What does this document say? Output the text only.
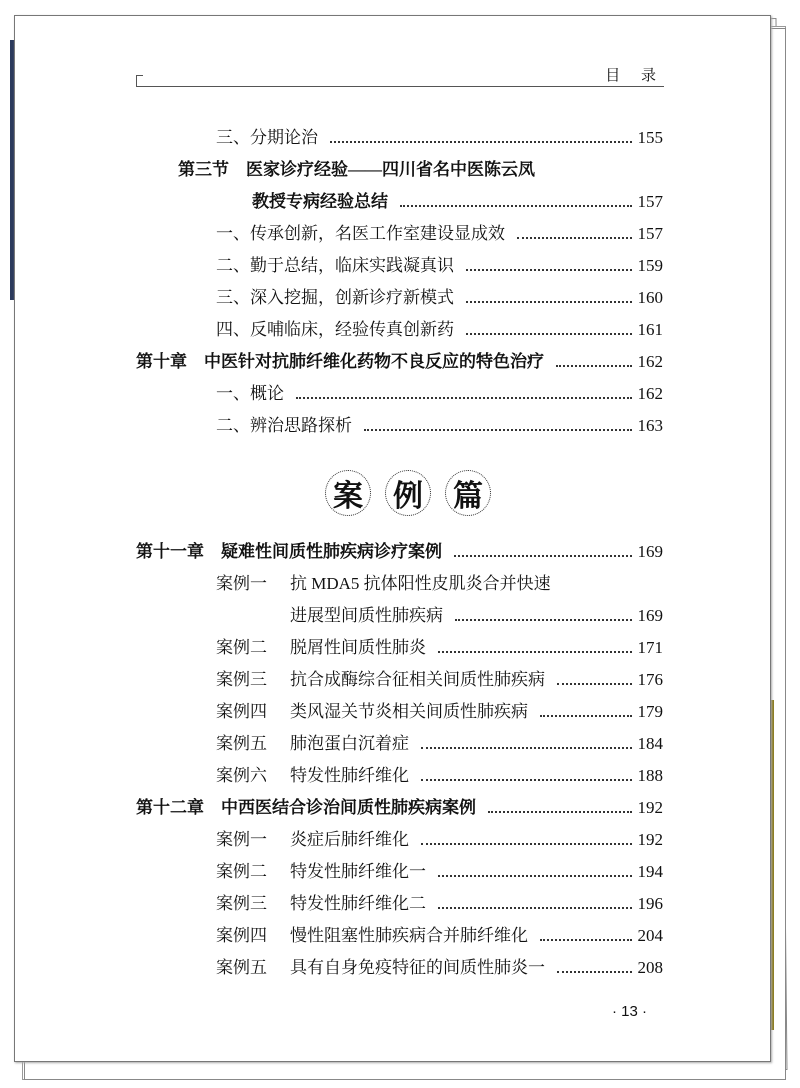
目 录
三、分期论治	155
第三节　医家诊疗经验——四川省名中医陈云凤
教授专病经验总结	157
一、传承创新，名医工作室建设显成效	157
二、勤于总结，临床实践凝真识	159
三、深入挖掘，创新诊疗新模式	160
四、反哺临床，经验传真创新药	161
第十章　中医针对抗肺纤维化药物不良反应的特色治疗	162
一、概论	162
二、辨治思路探析	163
第十一章　疑难性间质性肺疾病诊疗案例	169
案例一	抗 MDA5 抗体阳性皮肌炎合并快速
进展型间质性肺疾病	169
案例二	脱屑性间质性肺炎	171
案例三	抗合成酶综合征相关间质性肺疾病	176
案例四	类风湿关节炎相关间质性肺疾病	179
案例五	肺泡蛋白沉着症	184
案例六	特发性肺纤维化	188
第十二章　中西医结合诊治间质性肺疾病案例	192
案例一	炎症后肺纤维化	192
案例二	特发性肺纤维化一	194
案例三	特发性肺纤维化二	196
案例四	慢性阻塞性肺疾病合并肺纤维化	204
案例五	具有自身免疫特征的间质性肺炎一	208
案 例 篇
· 13 ·
